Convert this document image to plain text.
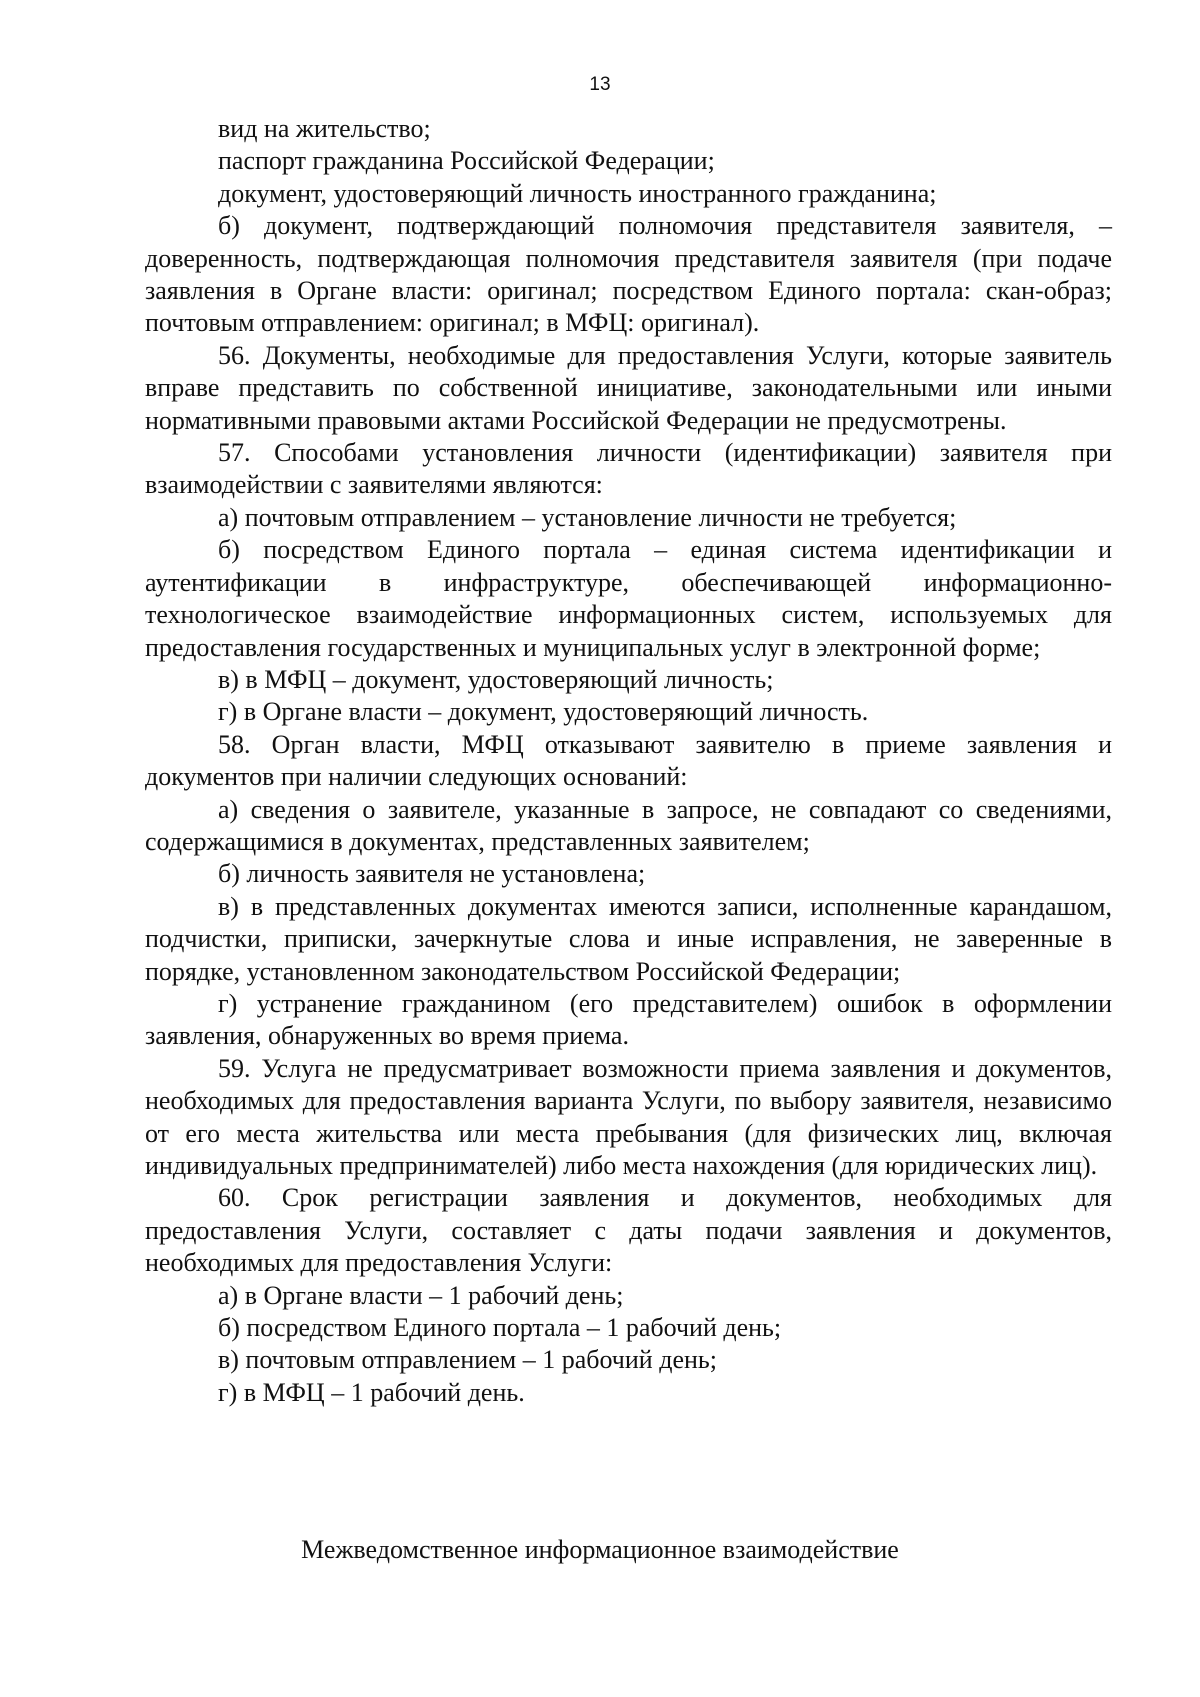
13

вид на жительство;

паспорт гражданина Российской Федерации;

документ, удостоверяющий личность иностранного гражданина;

б) документ, подтверждающий полномочия представителя заявителя, – доверенность, подтверждающая полномочия представителя заявителя (при подаче заявления в Органе власти: оригинал; посредством Единого портала: скан-образ; почтовым отправлением: оригинал; в МФЦ: оригинал).

56. Документы, необходимые для предоставления Услуги, которые заявитель вправе представить по собственной инициативе, законодательными или иными нормативными правовыми актами Российской Федерации не предусмотрены.

57. Способами установления личности (идентификации) заявителя при взаимодействии с заявителями являются:

а) почтовым отправлением – установление личности не требуется;

б) посредством Единого портала – единая система идентификации и аутентификации в инфраструктуре, обеспечивающей информационно-технологическое взаимодействие информационных систем, используемых для предоставления государственных и муниципальных услуг в электронной форме;

в) в МФЦ – документ, удостоверяющий личность;

г) в Органе власти – документ, удостоверяющий личность.

58. Орган власти, МФЦ отказывают заявителю в приеме заявления и документов при наличии следующих оснований:

а) сведения о заявителе, указанные в запросе, не совпадают со сведениями, содержащимися в документах, представленных заявителем;

б) личность заявителя не установлена;

в) в представленных документах имеются записи, исполненные карандашом, подчистки, приписки, зачеркнутые слова и иные исправления, не заверенные в порядке, установленном законодательством Российской Федерации;

г) устранение гражданином (его представителем) ошибок в оформлении заявления, обнаруженных во время приема.

59. Услуга не предусматривает возможности приема заявления и документов, необходимых для предоставления варианта Услуги, по выбору заявителя, независимо от его места жительства или места пребывания (для физических лиц, включая индивидуальных предпринимателей) либо места нахождения (для юридических лиц).

60. Срок регистрации заявления и документов, необходимых для предоставления Услуги, составляет с даты подачи заявления и документов, необходимых для предоставления Услуги:

а) в Органе власти – 1 рабочий день;

б) посредством Единого портала – 1 рабочий день;

в) почтовым отправлением – 1 рабочий день;

г) в МФЦ – 1 рабочий день.

Межведомственное информационное взаимодействие
